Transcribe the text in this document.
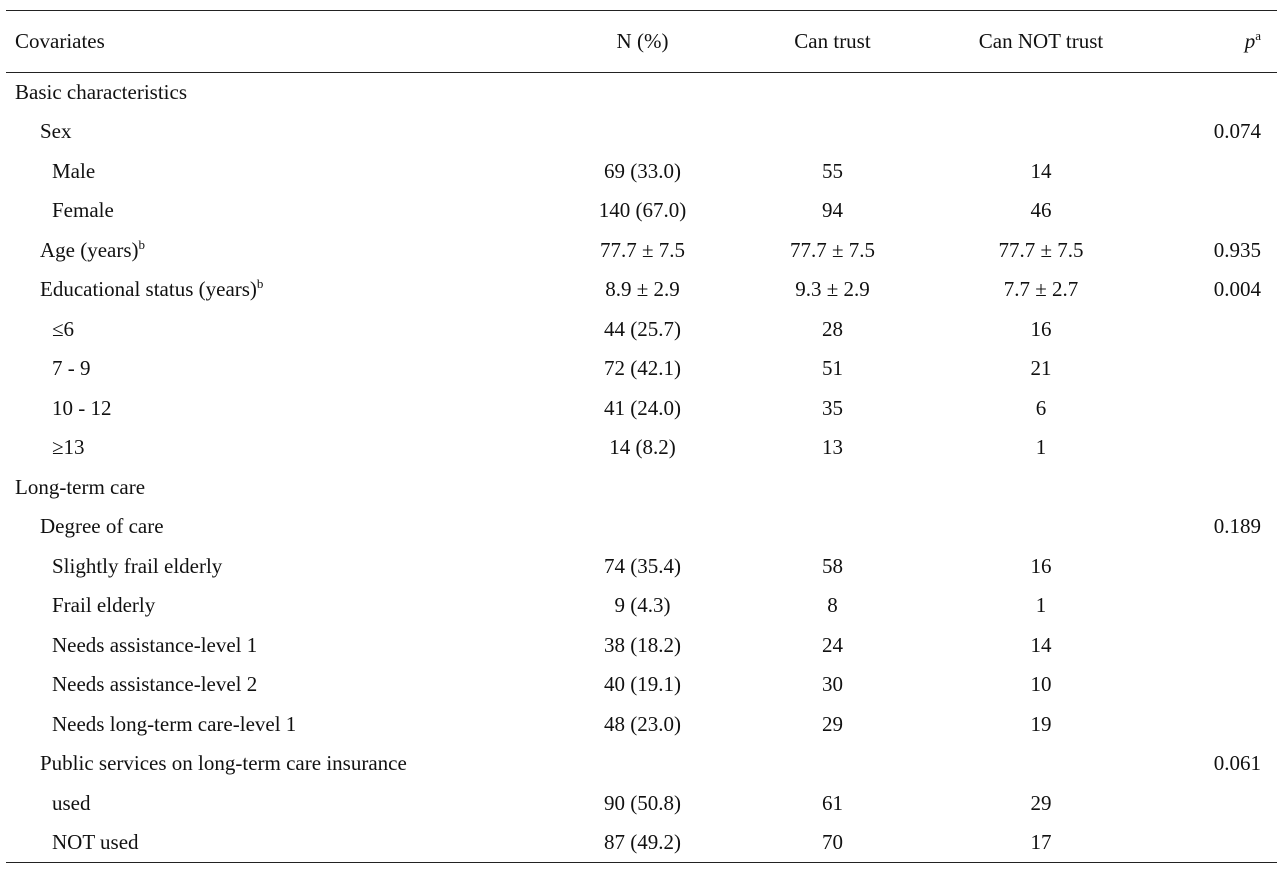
Covariates	N (%)	Can trust	Can NOT trust	$p^a$
Basic characteristics				
Sex				0.074
Male	69 (33.0)	55	14	
Female	140 (67.0)	94	46	
Age (years)$^b$	77.7 ± 7.5	77.7 ± 7.5	77.7 ± 7.5	0.935
Educational status (years)$^b$	8.9 ± 2.9	9.3 ± 2.9	7.7 ± 2.7	0.004
≤6	44 (25.7)	28	16	
7 - 9	72 (42.1)	51	21	
10 - 12	41 (24.0)	35	6	
≥13	14 (8.2)	13	1	
Long-term care				
Degree of care				0.189
Slightly frail elderly	74 (35.4)	58	16	
Frail elderly	9 (4.3)	8	1	
Needs assistance-level 1	38 (18.2)	24	14	
Needs assistance-level 2	40 (19.1)	30	10	
Needs long-term care-level 1	48 (23.0)	29	19	
Public services on long-term care insurance				0.061
used	90 (50.8)	61	29	
NOT used	87 (49.2)	70	17	
